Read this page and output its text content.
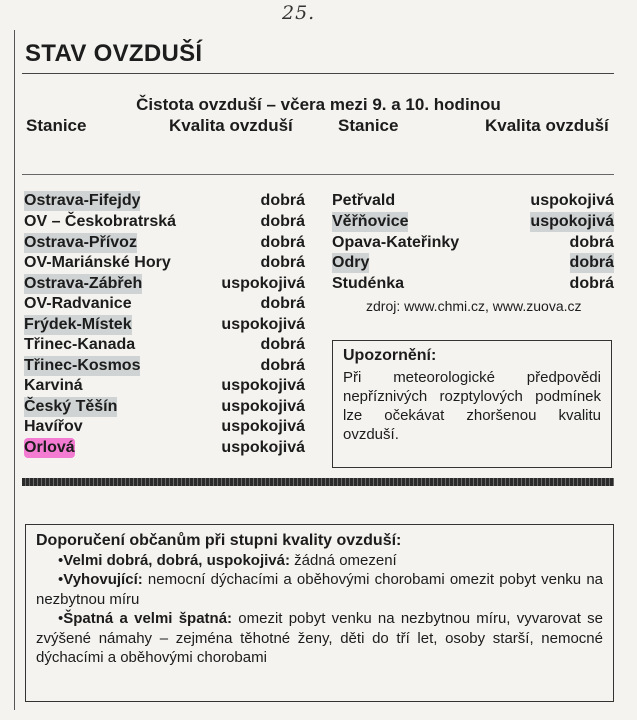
25.
STAV OVZDUŠÍ
Čistota ovzduší – včera mezi 9. a 10. hodinou
Stanice	Kvalita ovzduší	Stanice	Kvalita ovzduší
Ostrava-Fifejdy	dobrá
OV – Českobratrská	dobrá
Ostrava-Přívoz	dobrá
OV-Mariánské Hory	dobrá
Ostrava-Zábřeh	uspokojivá
OV-Radvanice	dobrá
Frýdek-Místek	uspokojivá
Třinec-Kanada	dobrá
Třinec-Kosmos	dobrá
Karviná	uspokojivá
Český Těšín	uspokojivá
Havířov	uspokojivá
Orlová	uspokojivá
Petřvald	uspokojivá
Věřňovice	uspokojivá
Opava-Kateřinky	dobrá
Odry	dobrá
Studénka	dobrá
zdroj: www.chmi.cz, www.zuova.cz
Upozornění:
Při meteorologické předpovědi nepříznivých rozptylových podmínek lze očekávat zhoršenou kvalitu ovzduší.
Doporučení občanům při stupni kvality ovzduší:

•Velmi dobrá, dobrá, uspokojivá: žádná omezení

•Vyhovující: nemocní dýchacími a oběhovými chorobami omezit pobyt venku na nezbytnou míru

•Špatná a velmi špatná: omezit pobyt venku na nezbytnou míru, vyvarovat se zvýšené námahy – zejména těhotné ženy, děti do tří let, osoby starší, nemocné dýchacími a oběhovými chorobami
